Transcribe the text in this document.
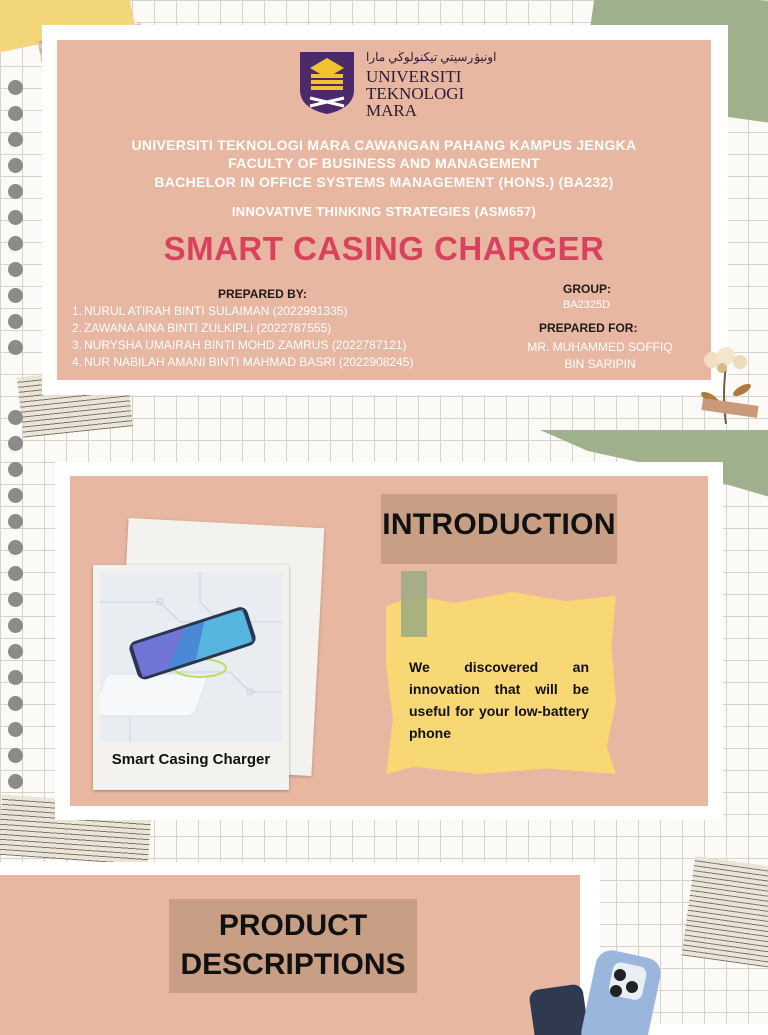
اونيۏرسيتي تيكنولوڬي مارا
UNIVERSITI
TEKNOLOGI
MARA
UNIVERSITI TEKNOLOGI MARA CAWANGAN PAHANG KAMPUS JENGKA
FACULTY OF BUSINESS AND MANAGEMENT
BACHELOR IN OFFICE SYSTEMS MANAGEMENT (HONS.) (BA232)
INNOVATIVE THINKING STRATEGIES (ASM657)
SMART CASING CHARGER
PREPARED BY:
1. NURUL ATIRAH BINTI SULAIMAN (2022991335)
2. ZAWANA AINA BINTI ZULKIPLI (2022787555)
3. NURYSHA UMAIRAH BINTI MOHD ZAMRUS (2022787121)
4. NUR NABILAH AMANI BINTI MAHMAD BASRI (2022908245)
GROUP:
BA2325D
PREPARED FOR:
MR. MUHAMMED SOFFIQ
BIN SARIPIN
Smart Casing Charger
INTRODUCTION
We discovered an innovation that will be useful for your low-battery phone
PRODUCT
DESCRIPTIONS
